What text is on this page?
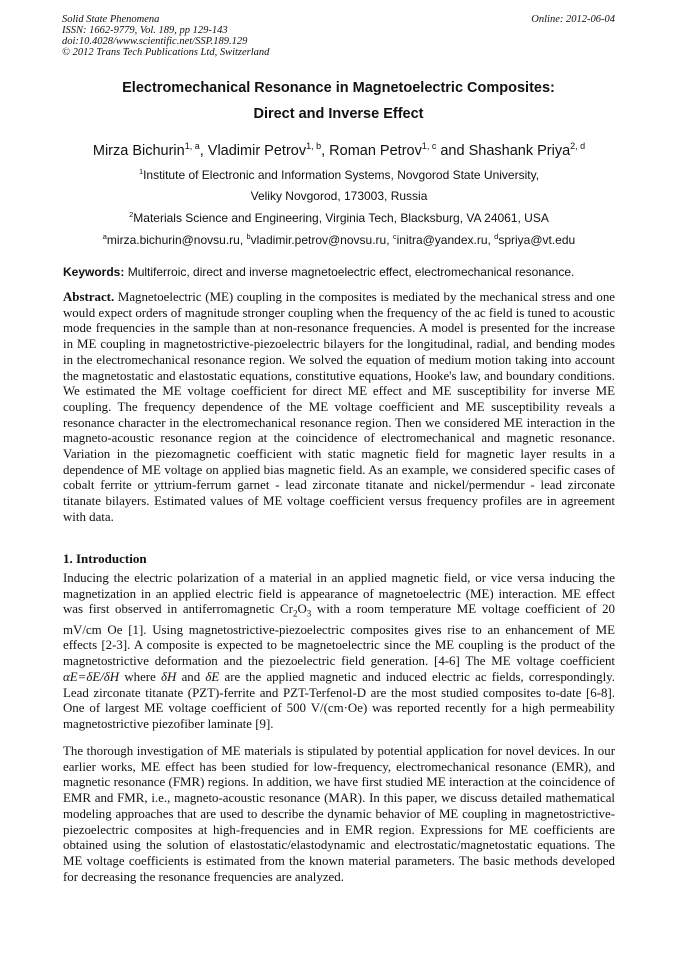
Solid State Phenomena
ISSN: 1662-9779, Vol. 189, pp 129-143
doi:10.4028/www.scientific.net/SSP.189.129
© 2012 Trans Tech Publications Ltd, Switzerland
Online: 2012-06-04
Electromechanical Resonance in Magnetoelectric Composites:
Direct and Inverse Effect
Mirza Bichurin$^{1, a}$, Vladimir Petrov$^{1, b}$, Roman Petrov$^{1, c}$ and Shashank Priya$^{2, d}$
$^1$Institute of Electronic and Information Systems, Novgorod State University,
Veliky Novgorod, 173003, Russia
$^2$Materials Science and Engineering, Virginia Tech, Blacksburg, VA 24061, USA
$^a$mirza.bichurin@novsu.ru, $^b$vladimir.petrov@novsu.ru, $^c$initra@yandex.ru, $^d$spriya@vt.edu
Keywords: Multiferroic, direct and inverse magnetoelectric effect, electromechanical resonance.

Abstract. Magnetoelectric (ME) coupling in the composites is mediated by the mechanical stress and one would expect orders of magnitude stronger coupling when the frequency of the ac field is tuned to acoustic mode frequencies in the sample than at non-resonance frequencies. A model is presented for the increase in ME coupling in magnetostrictive-piezoelectric bilayers for the longitudinal, radial, and bending modes in the electromechanical resonance region. We solved the equation of medium motion taking into account the magnetostatic and elastostatic equations, constitutive equations, Hooke's law, and boundary conditions. We estimated the ME voltage coefficient for direct ME effect and ME susceptibility for inverse ME coupling. The frequency dependence of the ME voltage coefficient and ME susceptibility reveals a resonance character in the electromechanical resonance region. Then we considered ME interaction in the magneto-acoustic resonance region at the coincidence of electromechanical and magnetic resonance. Variation in the piezomagnetic coefficient with static magnetic field for magnetic layer results in a dependence of ME voltage on applied bias magnetic field. As an example, we considered specific cases of cobalt ferrite or yttrium-ferrum garnet - lead zirconate titanate and nickel/permendur - lead zirconate titanate bilayers. Estimated values of ME voltage coefficient versus frequency profiles are in agreement with data.

1. Introduction

Inducing the electric polarization of a material in an applied magnetic field, or vice versa inducing the magnetization in an applied electric field is appearance of magnetoelectric (ME) interaction. ME effect was first observed in antiferromagnetic $Cr_2O_3$ with a room temperature ME voltage coefficient of 20 mV/cm Oe [1]. Using magnetostrictive-piezoelectric composites gives rise to an enhancement of ME effects [2-3]. A composite is expected to be magnetoelectric since the ME coupling is the product of the magnetostrictive deformation and the piezoelectric field generation. [4-6] The ME voltage coefficient αE=δE/δH where δH and δE are the applied magnetic and induced electric ac fields, correspondingly. Lead zirconate titanate (PZT)-ferrite and PZT-Terfenol-D are the most studied composites to-date [6-8]. One of largest ME voltage coefficient of 500 V/(cm·Oe) was reported recently for a high permeability magnetostrictive piezofiber laminate [9].

The thorough investigation of ME materials is stipulated by potential application for novel devices. In our earlier works, ME effect has been studied for low-frequency, electromechanical resonance (EMR), and magnetic resonance (FMR) regions. In addition, we have first studied ME interaction at the coincidence of EMR and FMR, i.e., magneto-acoustic resonance (MAR). In this paper, we discuss detailed mathematical modeling approaches that are used to describe the dynamic behavior of ME coupling in magnetostrictive-piezoelectric composites at high-frequencies and in EMR region. Expressions for ME coefficients are obtained using the solution of elastostatic/elastodynamic and electrostatic/magnetostatic equations. The ME voltage coefficients is estimated from the known material parameters. The basic methods developed for decreasing the resonance frequencies are analyzed.
